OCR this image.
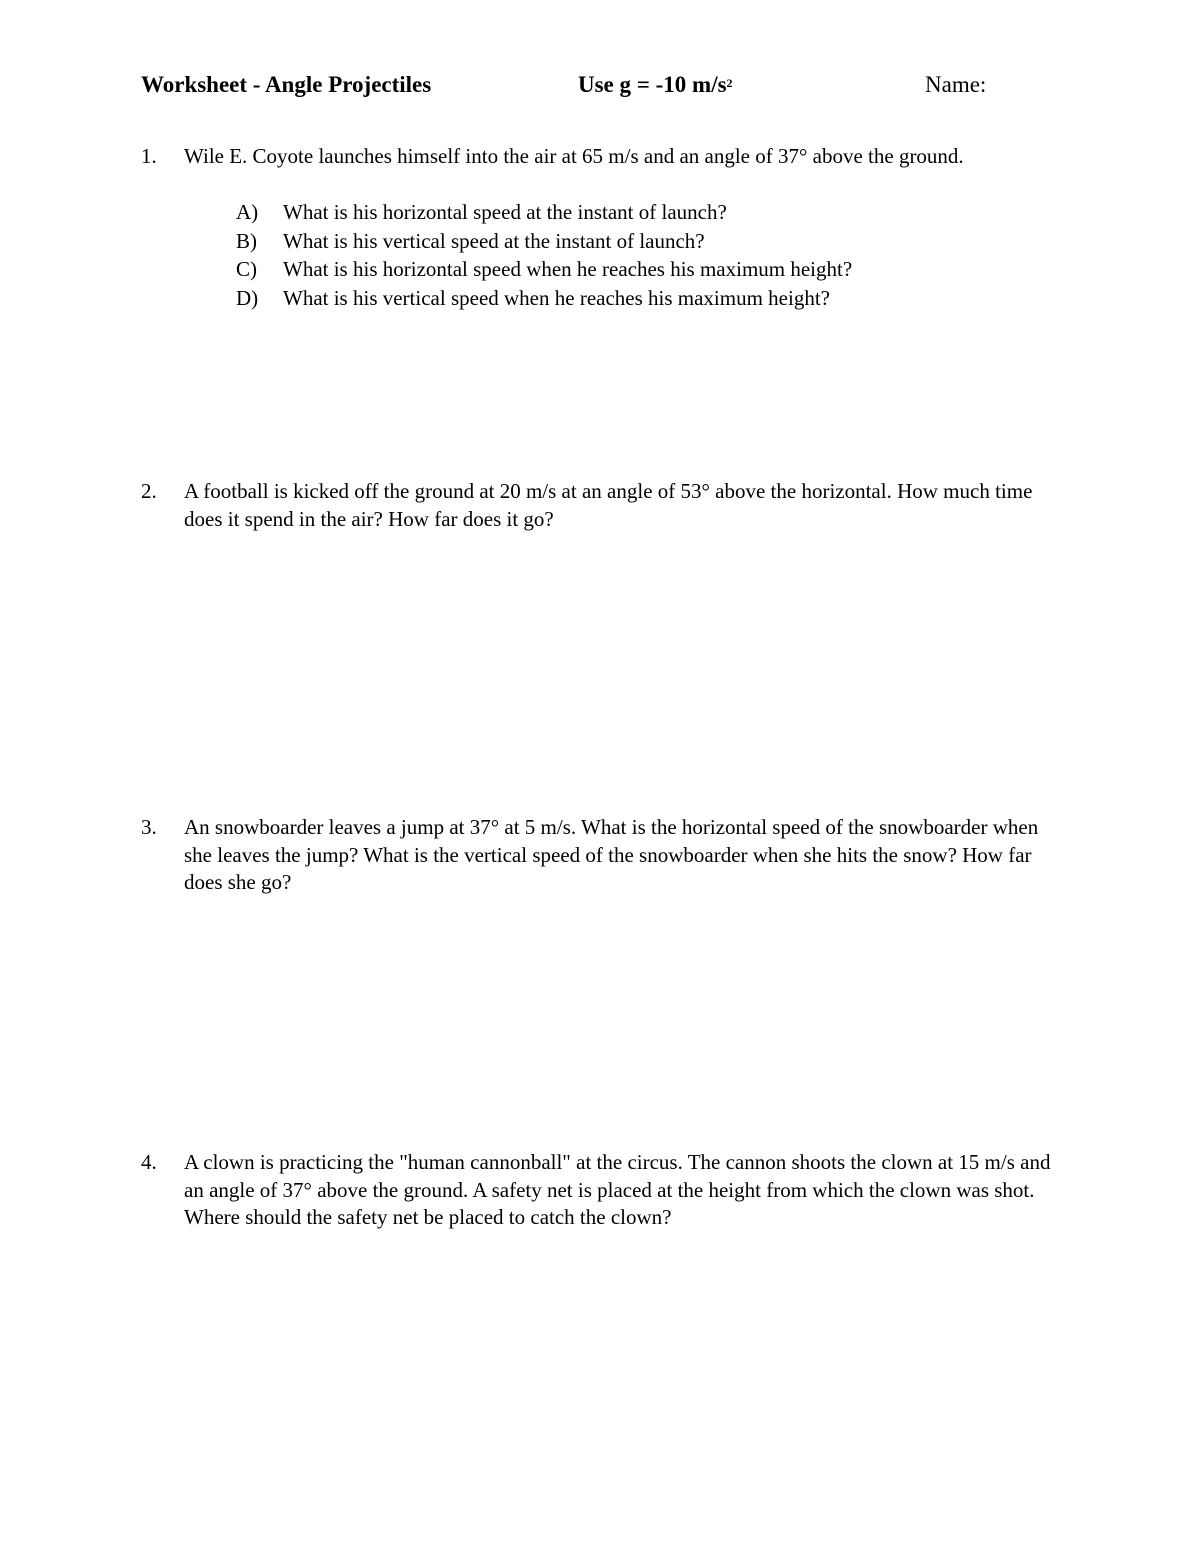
Worksheet - Angle Projectiles	Use g = -10 $m/s^2$	Name:
1. Wile E. Coyote launches himself into the air at 65 m/s and an angle of 37° above the ground.
A) What is his horizontal speed at the instant of launch?
B) What is his vertical speed at the instant of launch?
C) What is his horizontal speed when he reaches his maximum height?
D) What is his vertical speed when he reaches his maximum height?
2. A football is kicked off the ground at 20 m/s at an angle of 53° above the horizontal. How much time does it spend in the air? How far does it go?
3. An snowboarder leaves a jump at 37° at 5 m/s. What is the horizontal speed of the snowboarder when she leaves the jump? What is the vertical speed of the snowboarder when she hits the snow? How far does she go?
4. A clown is practicing the "human cannonball" at the circus. The cannon shoots the clown at 15 m/s and an angle of 37° above the ground. A safety net is placed at the height from which the clown was shot. Where should the safety net be placed to catch the clown?
